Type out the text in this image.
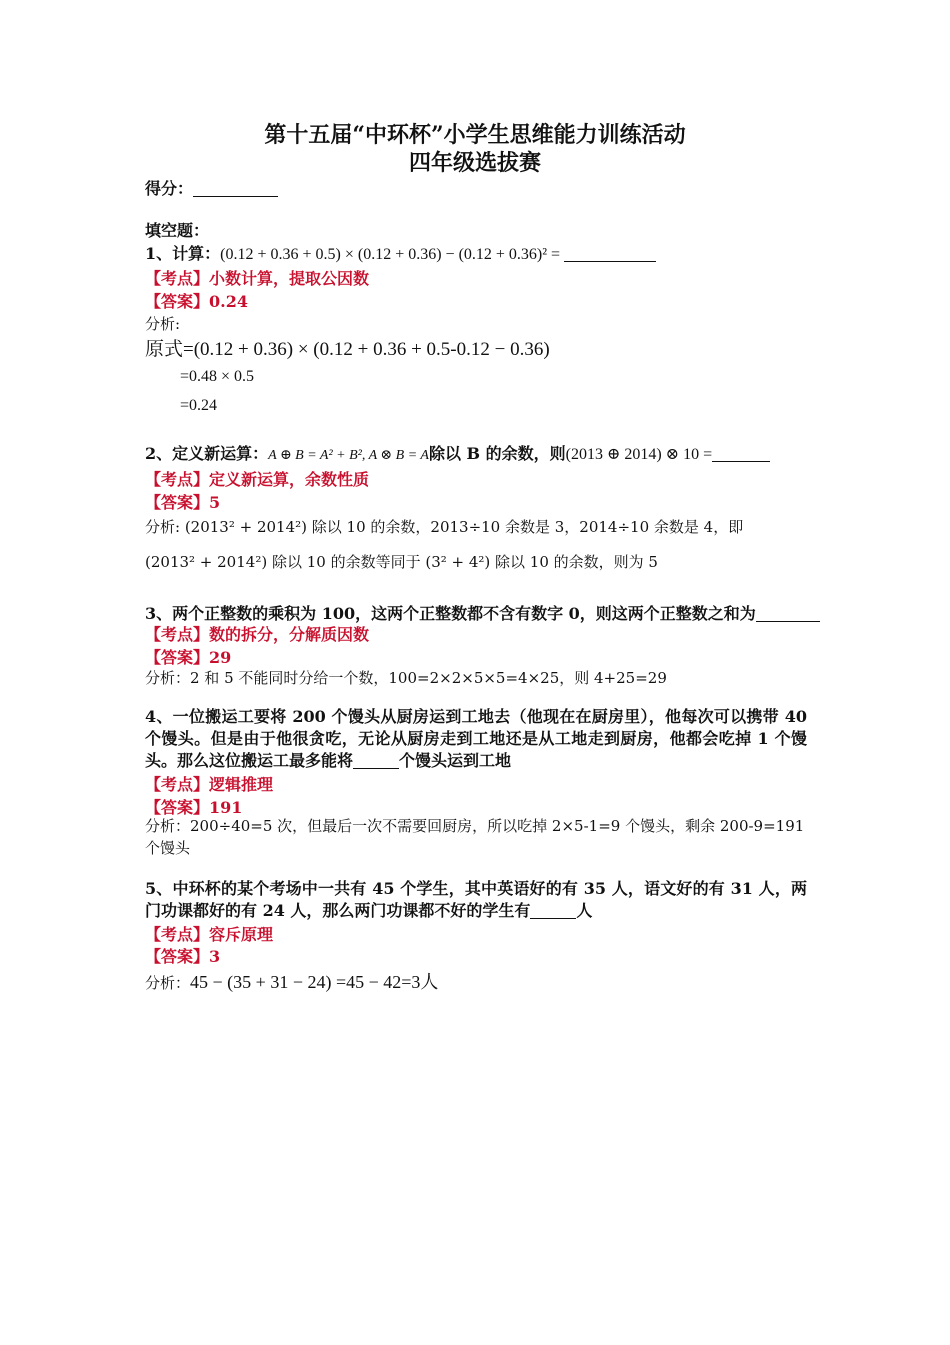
第十五届“中环杯”小学生思维能力训练活动
四年级选拔赛
得分：
填空题：
1、计算：(0.12 + 0.36 + 0.5) × (0.12 + 0.36) − (0.12 + 0.36)² =
【考点】小数计算，提取公因数
【答案】0.24
分析:
原式=(0.12 + 0.36) × (0.12 + 0.36 + 0.5-0.12 − 0.36)
=0.48 × 0.5
=0.24
2、定义新运算：A ⊕ B = A² + B², A ⊗ B = A除以 B 的余数，则(2013 ⊕ 2014) ⊗ 10 =
【考点】定义新运算，余数性质
【答案】5
分析: (2013² + 2014²) 除以 10 的余数，2013÷10 余数是 3，2014÷10 余数是 4，即
(2013² + 2014²) 除以 10 的余数等同于 (3² + 4²) 除以 10 的余数，则为 5
3、两个正整数的乘积为 100，这两个正整数都不含有数字 0，则这两个正整数之和为
【考点】数的拆分，分解质因数
【答案】29
分析：2 和 5 不能同时分给一个数，100=2×2×5×5=4×25，则 4+25=29
4、一位搬运工要将 200 个馒头从厨房运到工地去（他现在在厨房里），他每次可以携带 40 个馒头。但是由于他很贪吃，无论从厨房走到工地还是从工地走到厨房，他都会吃掉 1 个馒头。那么这位搬运工最多能将	个馒头运到工地
【考点】逻辑推理
【答案】191
分析：200÷40=5 次，但最后一次不需要回厨房，所以吃掉 2×5-1=9 个馒头，剩余 200-9=191 个馒头
5、中环杯的某个考场中一共有 45 个学生，其中英语好的有 35 人，语文好的有 31 人，两门功课都好的有 24 人，那么两门功课都不好的学生有	人
【考点】容斥原理
【答案】3
分析：45 − (35 + 31 − 24) =45 − 42=3人
